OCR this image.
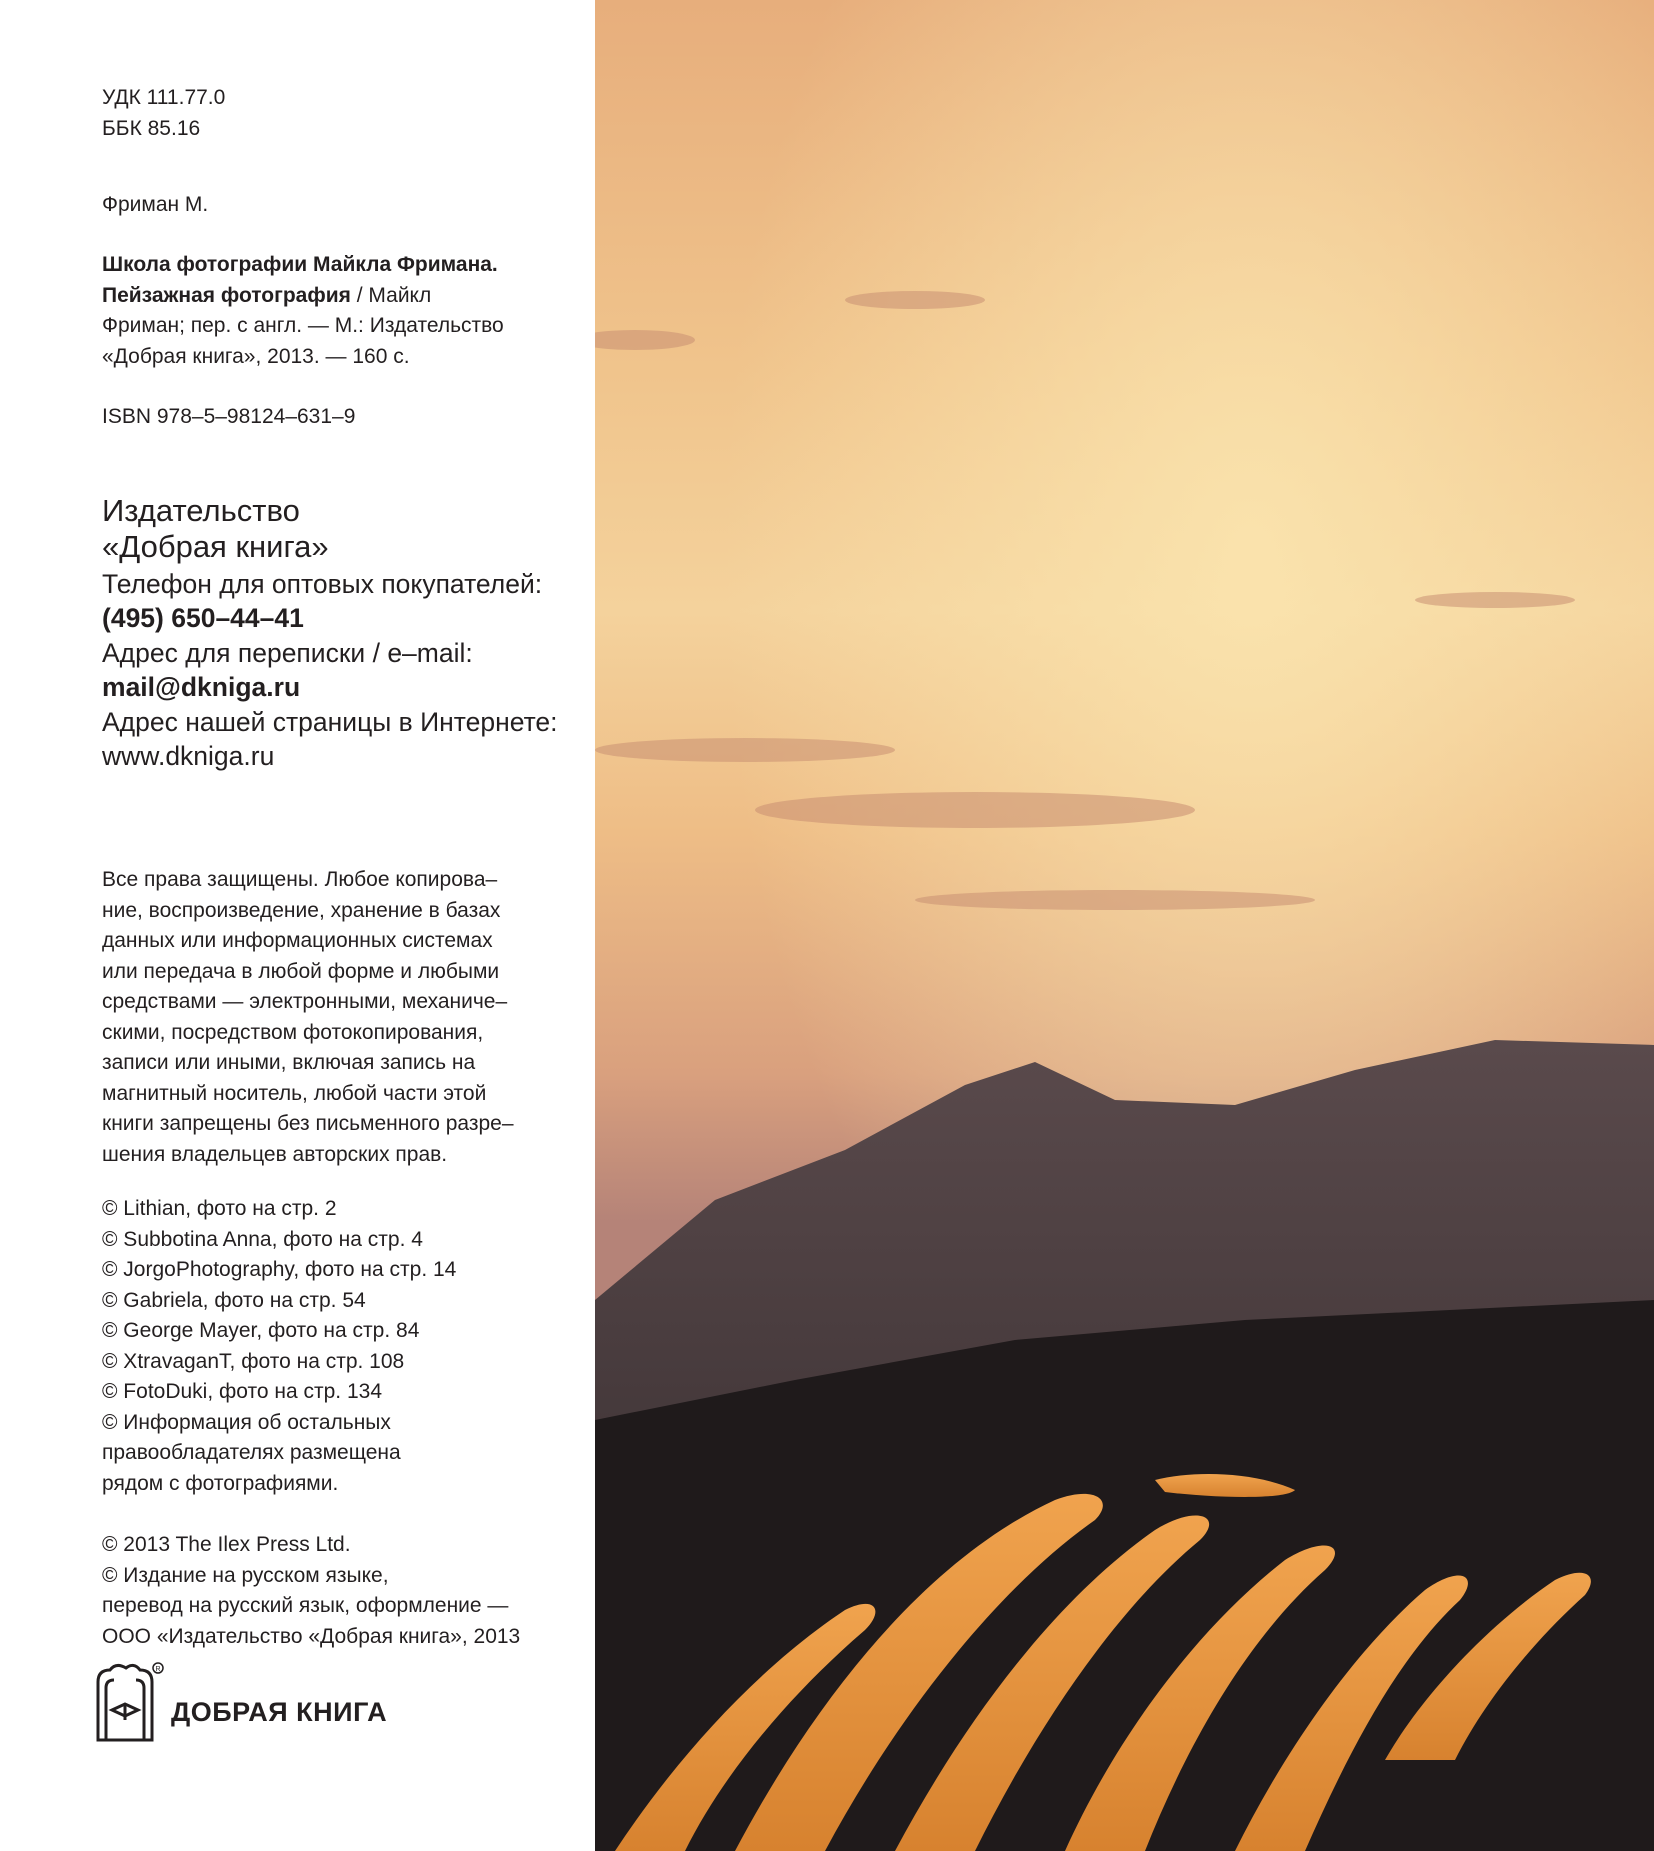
УДК 111.77.0
ББК 85.16

Фриман М.

Школа фотографии Майкла Фримана.
Пейзажная фотография / Майкл
Фриман; пер. с англ. — М.: Издательство
«Добрая книга», 2013. — 160 с.

ISBN 978–5–98124–631–9

Издательство
«Добрая книга»
Телефон для оптовых покупателей:
(495) 650–44–41
Адрес для переписки / e–mail:
mail@dkniga.ru
Адрес нашей страницы в Интернете:
www.dkniga.ru

Все права защищены. Любое копирова–
ние, воспроизведение, хранение в базах
данных или информационных системах
или передача в любой форме и любыми
средствами — электронными, механиче–
скими, посредством фотокопирования,
записи или иными, включая запись на
магнитный носитель, любой части этой
книги запрещены без письменного разре–
шения владельцев авторских прав.

© Lithian, фото на стр. 2
© Subbotina Anna, фото на стр. 4
© JorgoPhotography, фото на стр. 14
© Gabriela, фото на стр. 54
© George Mayer, фото на стр. 84
© XtravaganT, фото на стр. 108
© FotoDuki, фото на стр. 134
© Информация об остальных
правообладателях размещена
рядом с фотографиями.

© 2013 The Ilex Press Ltd.
© Издание на русском языке,
перевод на русский язык, оформление —
ООО «Издательство «Добрая книга», 2013

R
ДОБРАЯ КНИГА
